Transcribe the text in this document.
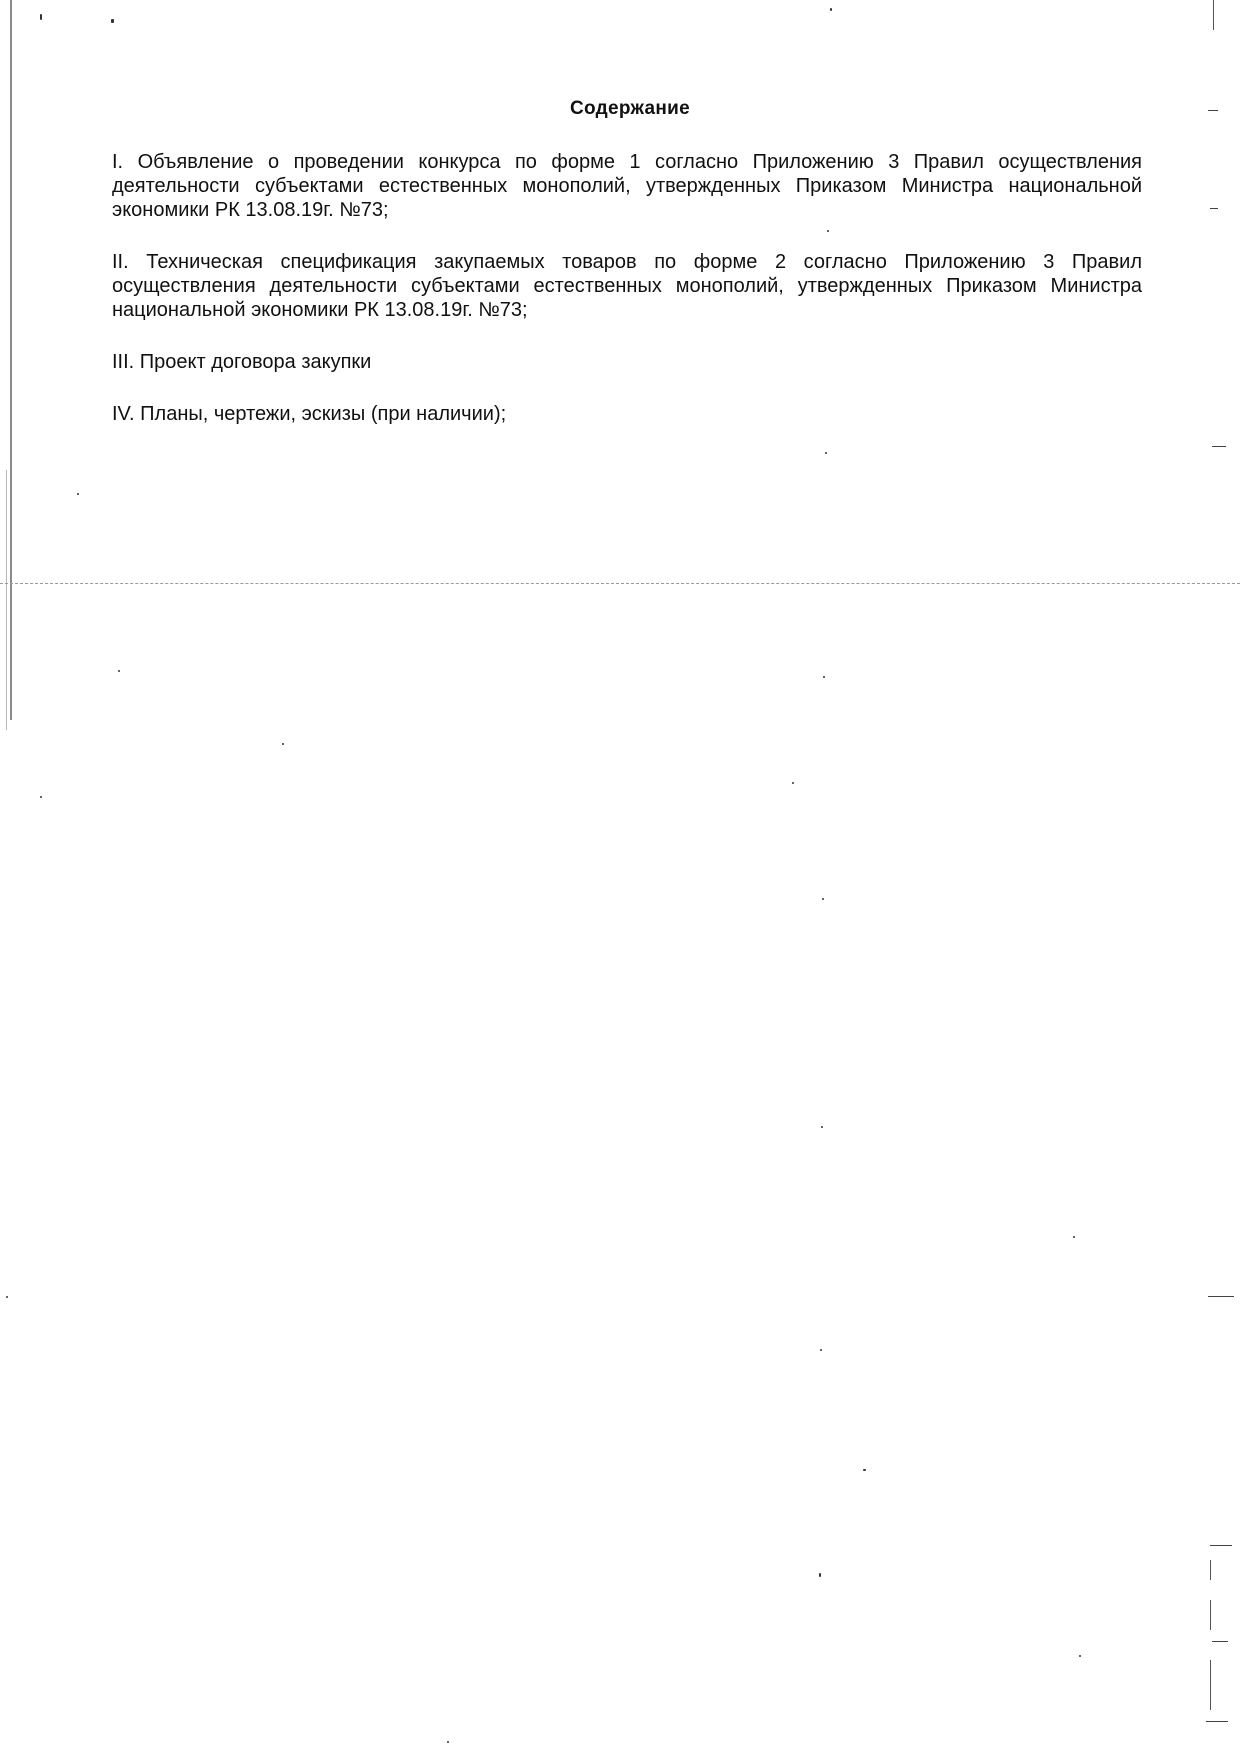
Содержание

I. Объявление о проведении конкурса по форме 1 согласно Приложению 3 Правил осуществления деятельности субъектами естественных монополий, утвержденных Приказом Министра национальной экономики РК 13.08.19г. №73;

II. Техническая спецификация закупаемых товаров по форме 2 согласно Приложению 3 Правил осуществления деятельности субъектами естественных монополий, утвержденных Приказом Министра национальной экономики РК 13.08.19г. №73;

III. Проект договора закупки

IV. Планы, чертежи, эскизы (при наличии);
